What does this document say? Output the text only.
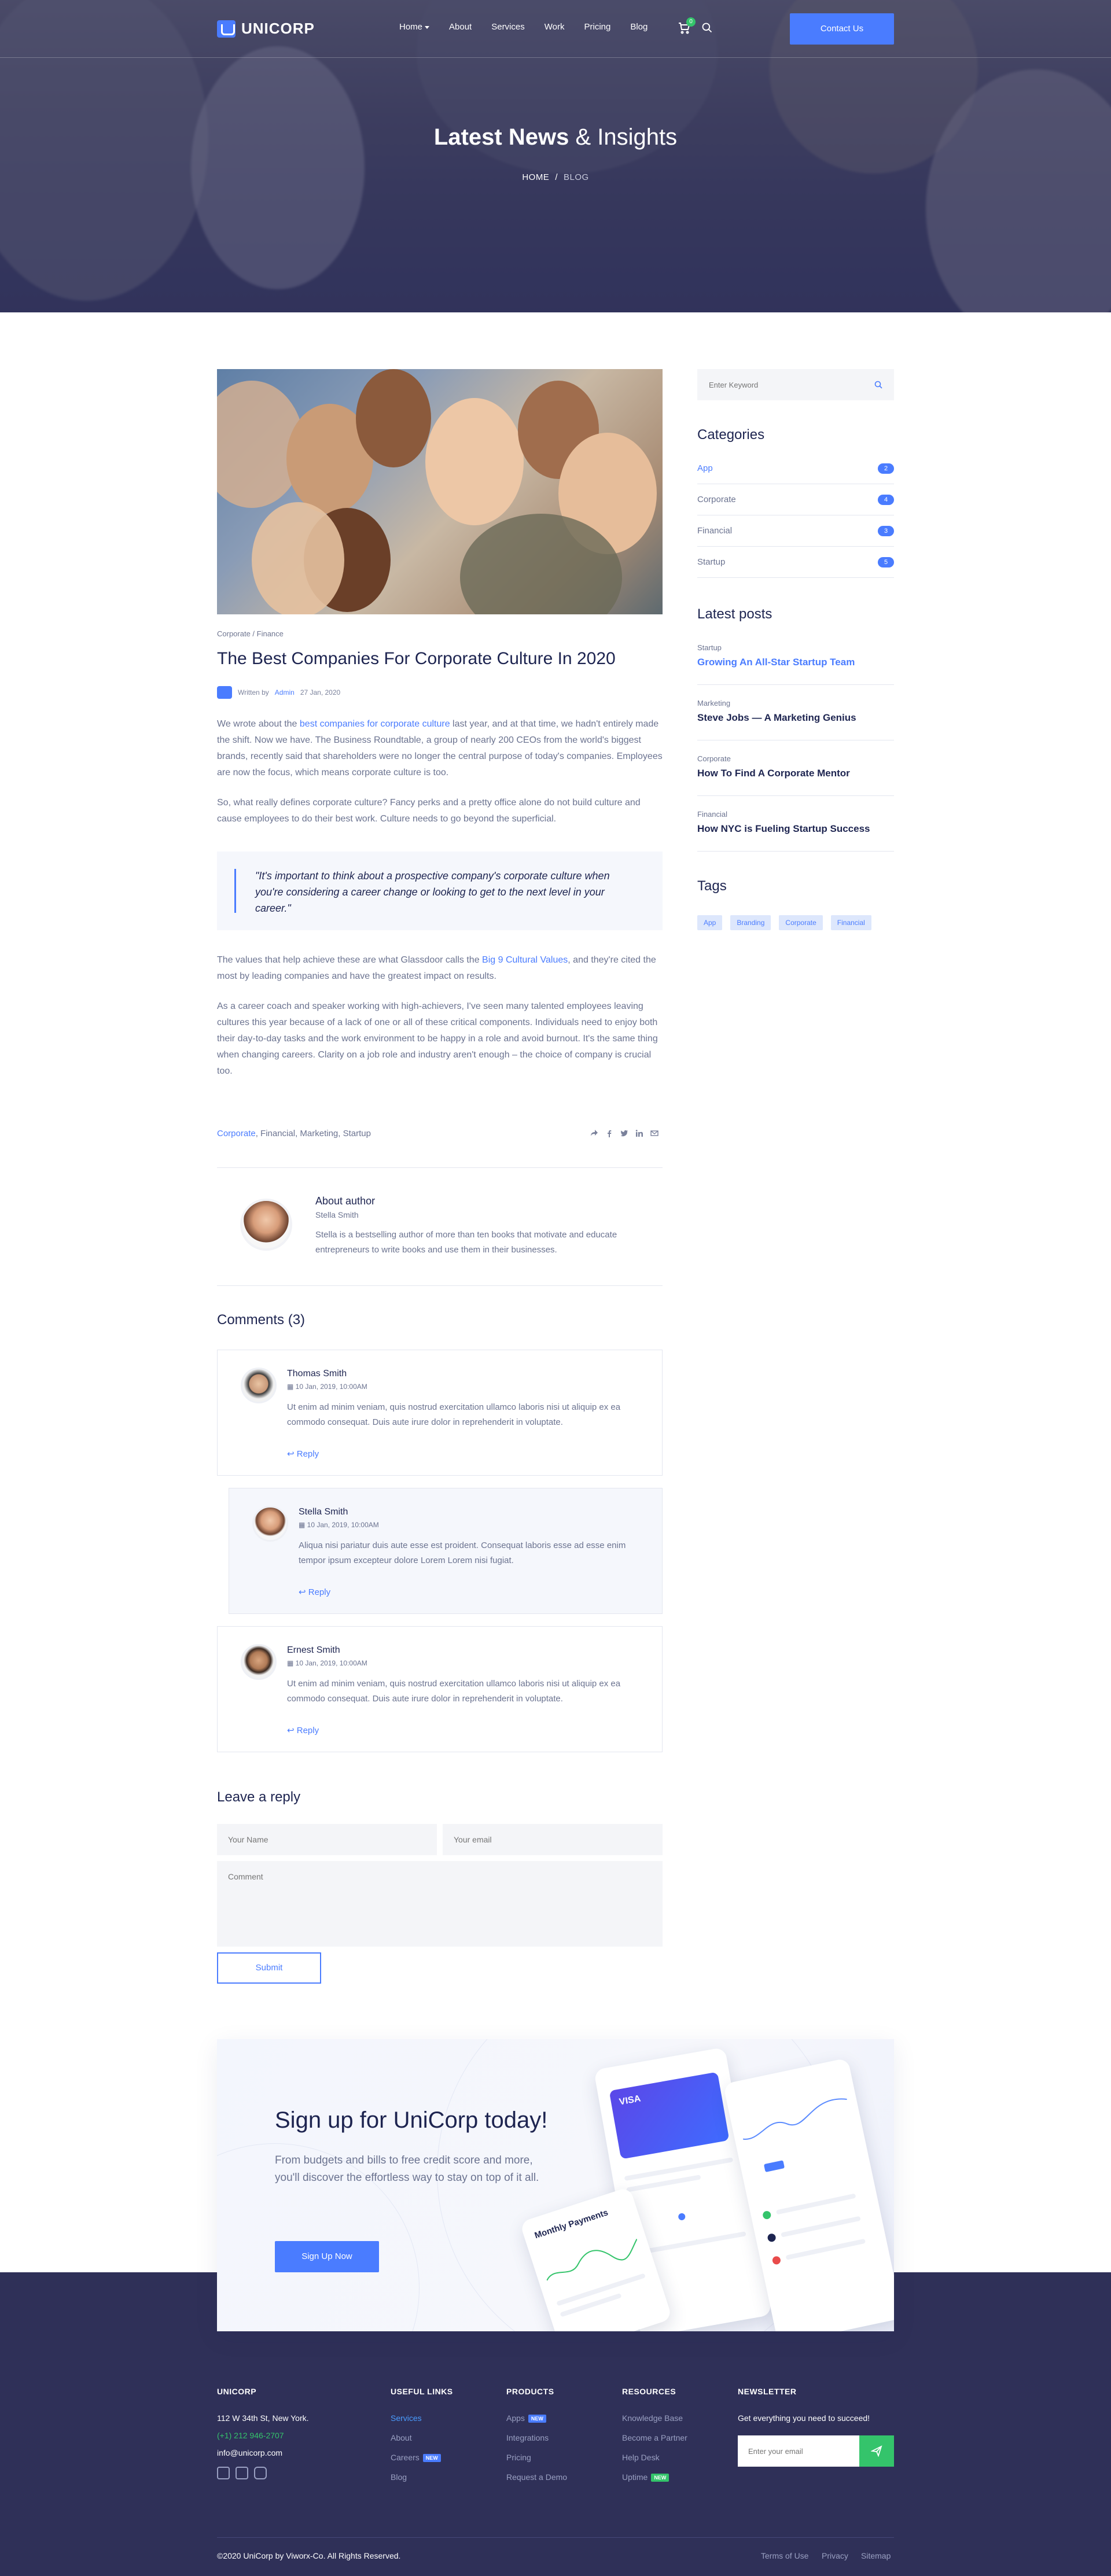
UNICORP	Home	About Services Work Pricing Blog
0
Contact Us
Latest News & Insights
HOME / BLOG
Corporate / Finance
The Best Companies For Corporate Culture In 2020
Written by Admin 27 Jan, 2020

We wrote about the best companies for corporate culture last year, and at that time, we hadn't entirely made the shift. Now we have. The Business Roundtable, a group of nearly 200 CEOs from the world's biggest brands, recently said that shareholders were no longer the central purpose of today's companies. Employees are now the focus, which means corporate culture is too.

So, what really defines corporate culture? Fancy perks and a pretty office alone do not build culture and cause employees to do their best work. Culture needs to go beyond the superficial.

"It's important to think about a prospective company's corporate culture when you're considering a career change or looking to get to the next level in your career."

The values that help achieve these are what Glassdoor calls the Big 9 Cultural Values, and they're cited the most by leading companies and have the greatest impact on results.

As a career coach and speaker working with high-achievers, I've seen many talented employees leaving cultures this year because of a lack of one or all of these critical components. Individuals need to enjoy both their day-to-day tasks and the work environment to be happy in a role and avoid burnout. It's the same thing when changing careers. Clarity on a job role and industry aren't enough – the choice of company is crucial too.

Corporate, Financial, Marketing, Startup
About author
Stella Smith
Stella is a bestselling author of more than ten books that motivate and educate entrepreneurs to write books and use them in their businesses.
Comments (3)
Thomas Smith
▦ 10 Jan, 2019, 10:00AM
Ut enim ad minim veniam, quis nostrud exercitation ullamco laboris nisi ut aliquip ex ea commodo consequat. Duis aute irure dolor in reprehenderit in voluptate.
↩ Reply
Stella Smith
▦ 10 Jan, 2019, 10:00AM
Aliqua nisi pariatur duis aute esse est proident. Consequat laboris esse ad esse enim tempor ipsum excepteur dolore Lorem Lorem nisi fugiat.
↩ Reply
Ernest Smith
▦ 10 Jan, 2019, 10:00AM
Ut enim ad minim veniam, quis nostrud exercitation ullamco laboris nisi ut aliquip ex ea commodo consequat. Duis aute irure dolor in reprehenderit in voluptate.
↩ Reply
Leave a reply
Your Name
Your email
Comment
Submit
Enter Keyword
Categories
App	2
Corporate	4
Financial	3
Startup	5
Latest posts
Startup
Growing An All-Star Startup Team
Marketing
Steve Jobs — A Marketing Genius
Corporate
How To Find A Corporate Mentor
Financial
How NYC is Fueling Startup Success
Tags
App	Branding	Corporate	Financial
Sign up for UniCorp today!

From budgets and bills to free credit score and more, you'll discover the effortless way to stay on top of it all.

Sign Up Now
VISA
Monthly Payments
UNICORP
112 W 34th St, New York.
(+1) 212 946-2707
info@unicorp.com
USEFUL LINKS
Services
About
Careers NEW
Blog
PRODUCTS
Apps NEW
Integrations
Pricing
Request a Demo
RESOURCES
Knowledge Base
Become a Partner
Help Desk
Uptime NEW
NEWSLETTER
Get everything you need to succeed!
Enter your email
©2020 UniCorp by Viworx-Co. All Rights Reserved.	Terms of Use Privacy Sitemap
